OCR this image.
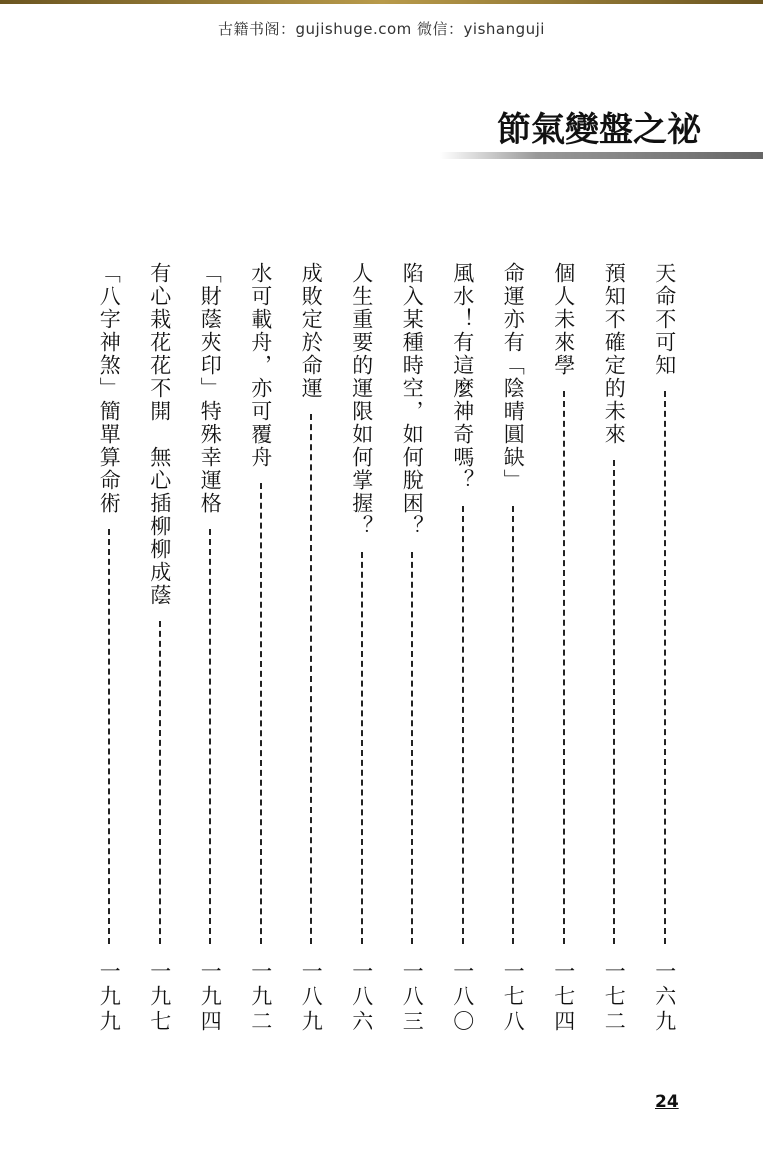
古籍书阁：gujishuge.com 微信：yishanguji
節氣變盤之祕
天命不可知
一六九
預知不確定的未來
一七二
個人未來學
一七四
命運亦有「陰晴圓缺」
一七八
風水！有這麼神奇嗎？
一八〇
陷入某種時空，如何脫困？
一八三
人生重要的運限如何掌握？
一八六
成敗定於命運
一八九
水可載舟，亦可覆舟
一九二
「財蔭夾印」特殊幸運格
一九四
有心栽花花不開　無心插柳柳成蔭
一九七
「八字神煞」簡單算命術
一九九
24
